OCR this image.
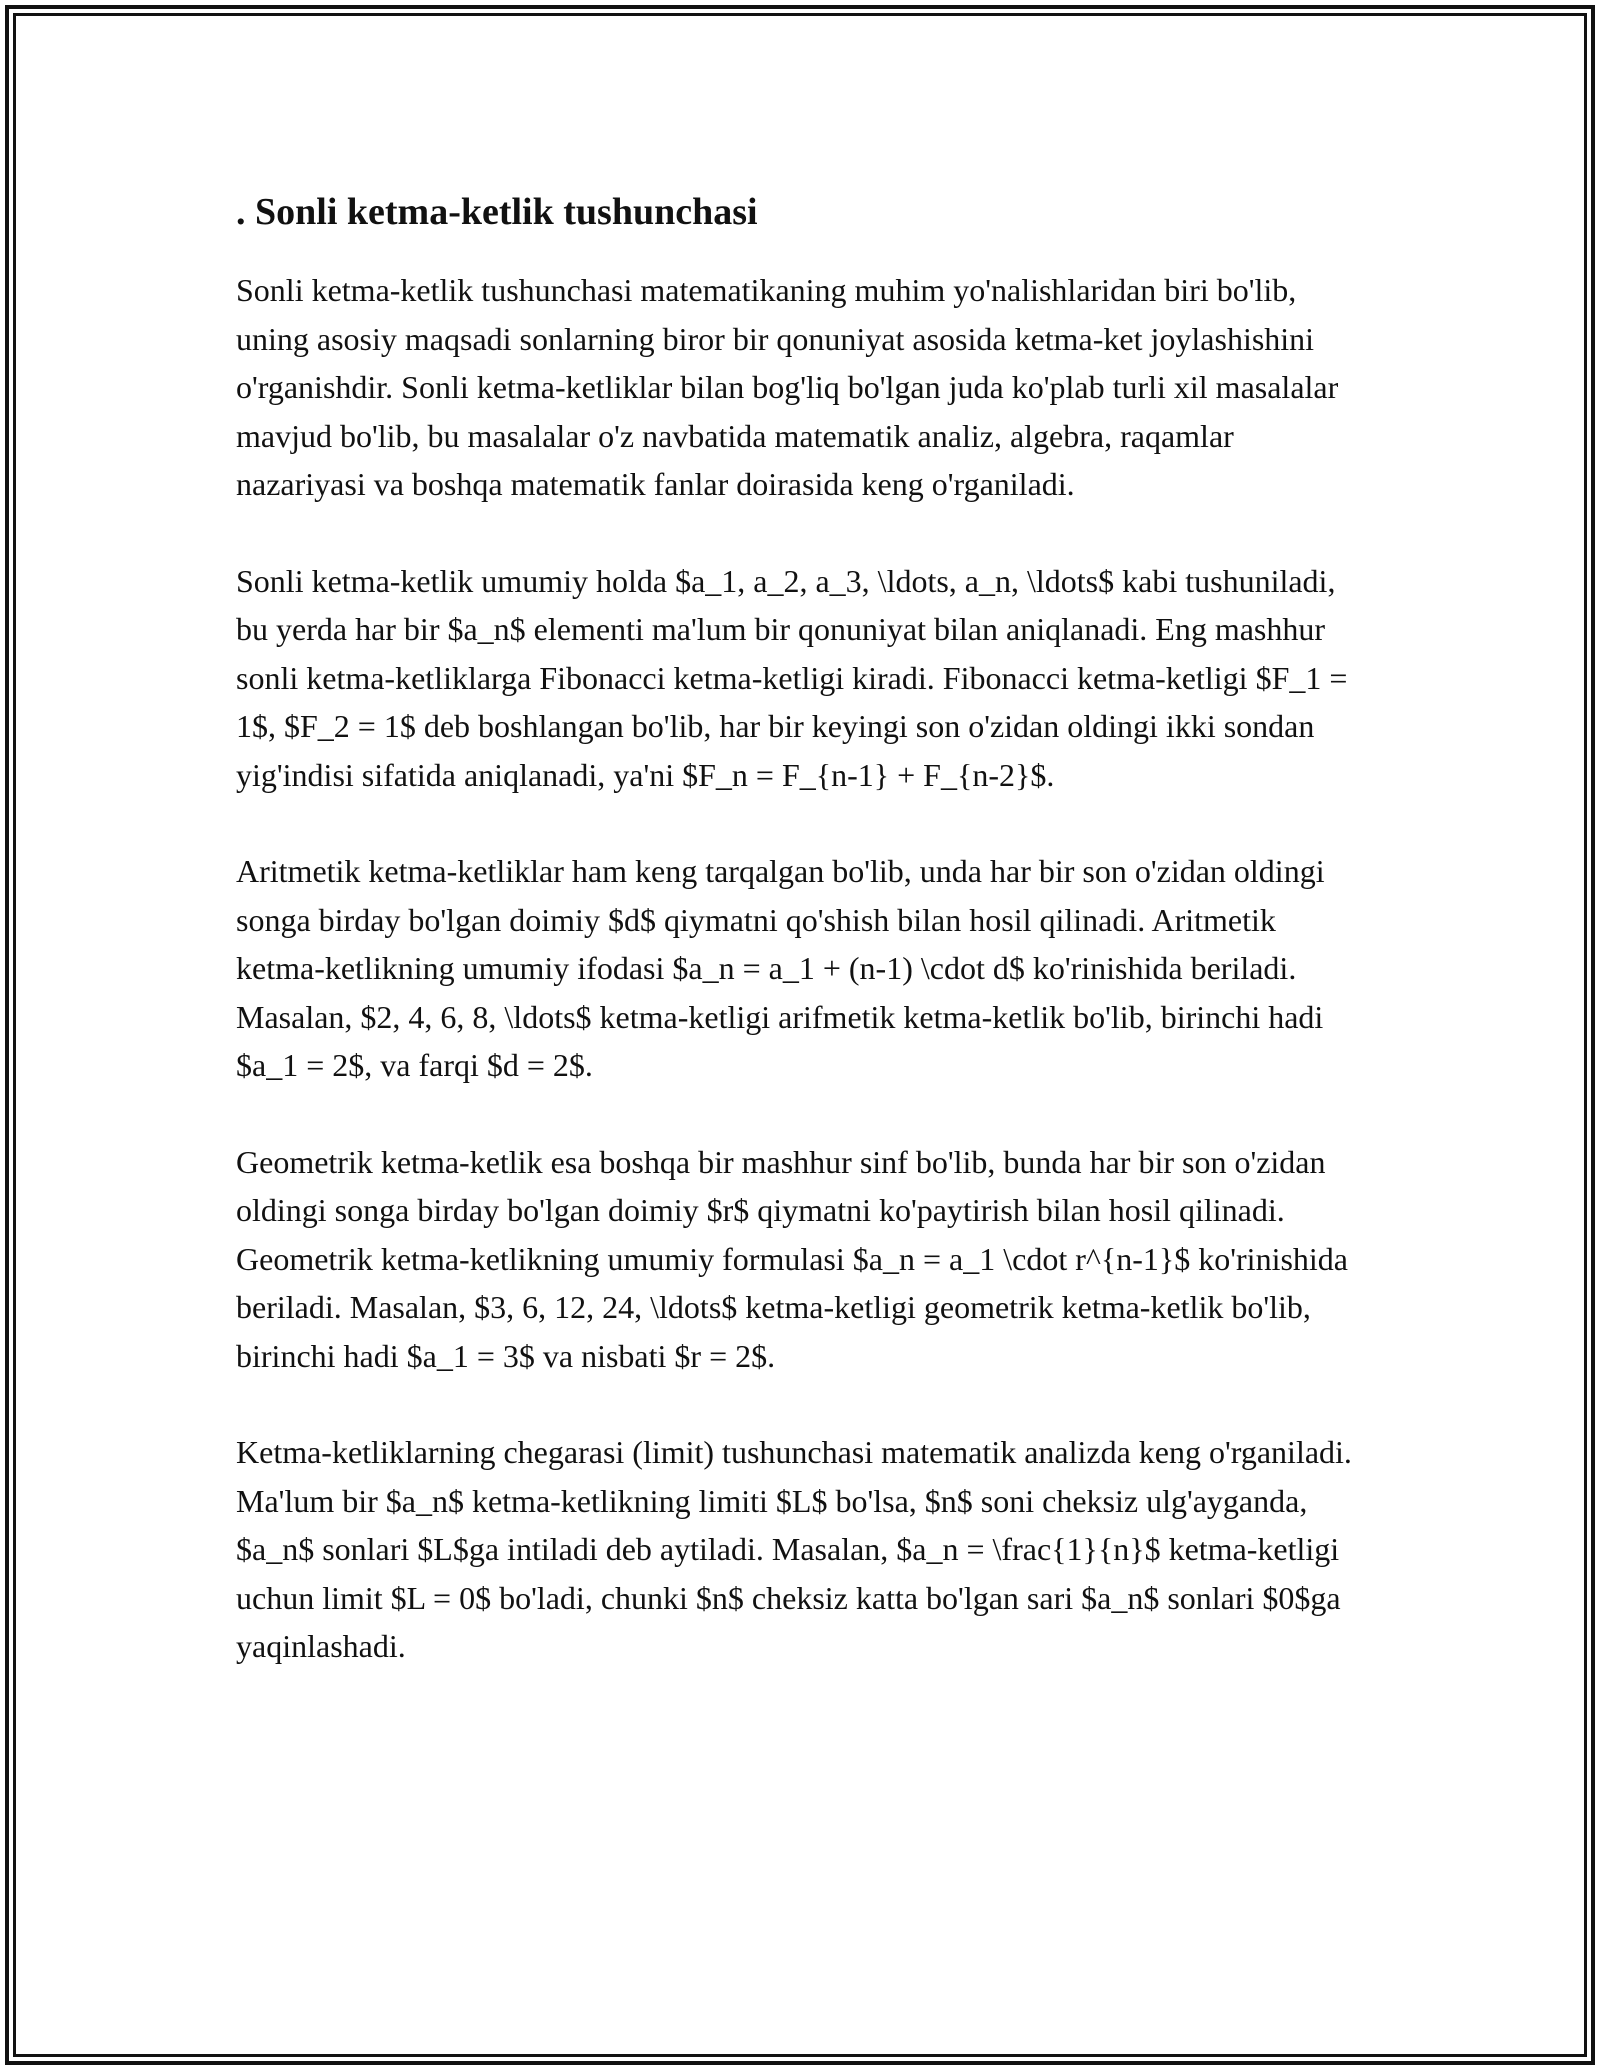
. Sonli ketma-ketlik tushunchasi

Sonli ketma-ketlik tushunchasi matematikaning muhim yo'nalishlaridan biri bo'lib, uning asosiy maqsadi sonlarning biror bir qonuniyat asosida ketma-ket joylashishini o'rganishdir. Sonli ketma-ketliklar bilan bog'liq bo'lgan juda ko'plab turli xil masalalar mavjud bo'lib, bu masalalar o'z navbatida matematik analiz, algebra, raqamlar nazariyasi va boshqa matematik fanlar doirasida keng o'rganiladi.

Sonli ketma-ketlik umumiy holda $a_1, a_2, a_3, \ldots, a_n, \ldots$ kabi tushuniladi, bu yerda har bir $a_n$ elementi ma'lum bir qonuniyat bilan aniqlanadi. Eng mashhur sonli ketma-ketliklarga Fibonacci ketma-ketligi kiradi. Fibonacci ketma-ketligi $F_1 = 1$, $F_2 = 1$ deb boshlangan bo'lib, har bir keyingi son o'zidan oldingi ikki sondan yig'indisi sifatida aniqlanadi, ya'ni $F_n = F_{n-1} + F_{n-2}$.

Aritmetik ketma-ketliklar ham keng tarqalgan bo'lib, unda har bir son o'zidan oldingi songa birday bo'lgan doimiy $d$ qiymatni qo'shish bilan hosil qilinadi. Aritmetik ketma-ketlikning umumiy ifodasi $a_n = a_1 + (n-1) \cdot d$ ko'rinishida beriladi. Masalan, $2, 4, 6, 8, \ldots$ ketma-ketligi arifmetik ketma-ketlik bo'lib, birinchi hadi $a_1 = 2$, va farqi $d = 2$.

Geometrik ketma-ketlik esa boshqa bir mashhur sinf bo'lib, bunda har bir son o'zidan oldingi songa birday bo'lgan doimiy $r$ qiymatni ko'paytirish bilan hosil qilinadi. Geometrik ketma-ketlikning umumiy formulasi $a_n = a_1 \cdot r^{n-1}$ ko'rinishida beriladi. Masalan, $3, 6, 12, 24, \ldots$ ketma-ketligi geometrik ketma-ketlik bo'lib, birinchi hadi $a_1 = 3$ va nisbati $r = 2$.

Ketma-ketliklarning chegarasi (limit) tushunchasi matematik analizda keng o'rganiladi. Ma'lum bir $a_n$ ketma-ketlikning limiti $L$ bo'lsa, $n$ soni cheksiz ulg'ayganda, $a_n$ sonlari $L$ga intiladi deb aytiladi. Masalan, $a_n = \frac{1}{n}$ ketma-ketligi uchun limit $L = 0$ bo'ladi, chunki $n$ cheksiz katta bo'lgan sari $a_n$ sonlari $0$ga yaqinlashadi.
